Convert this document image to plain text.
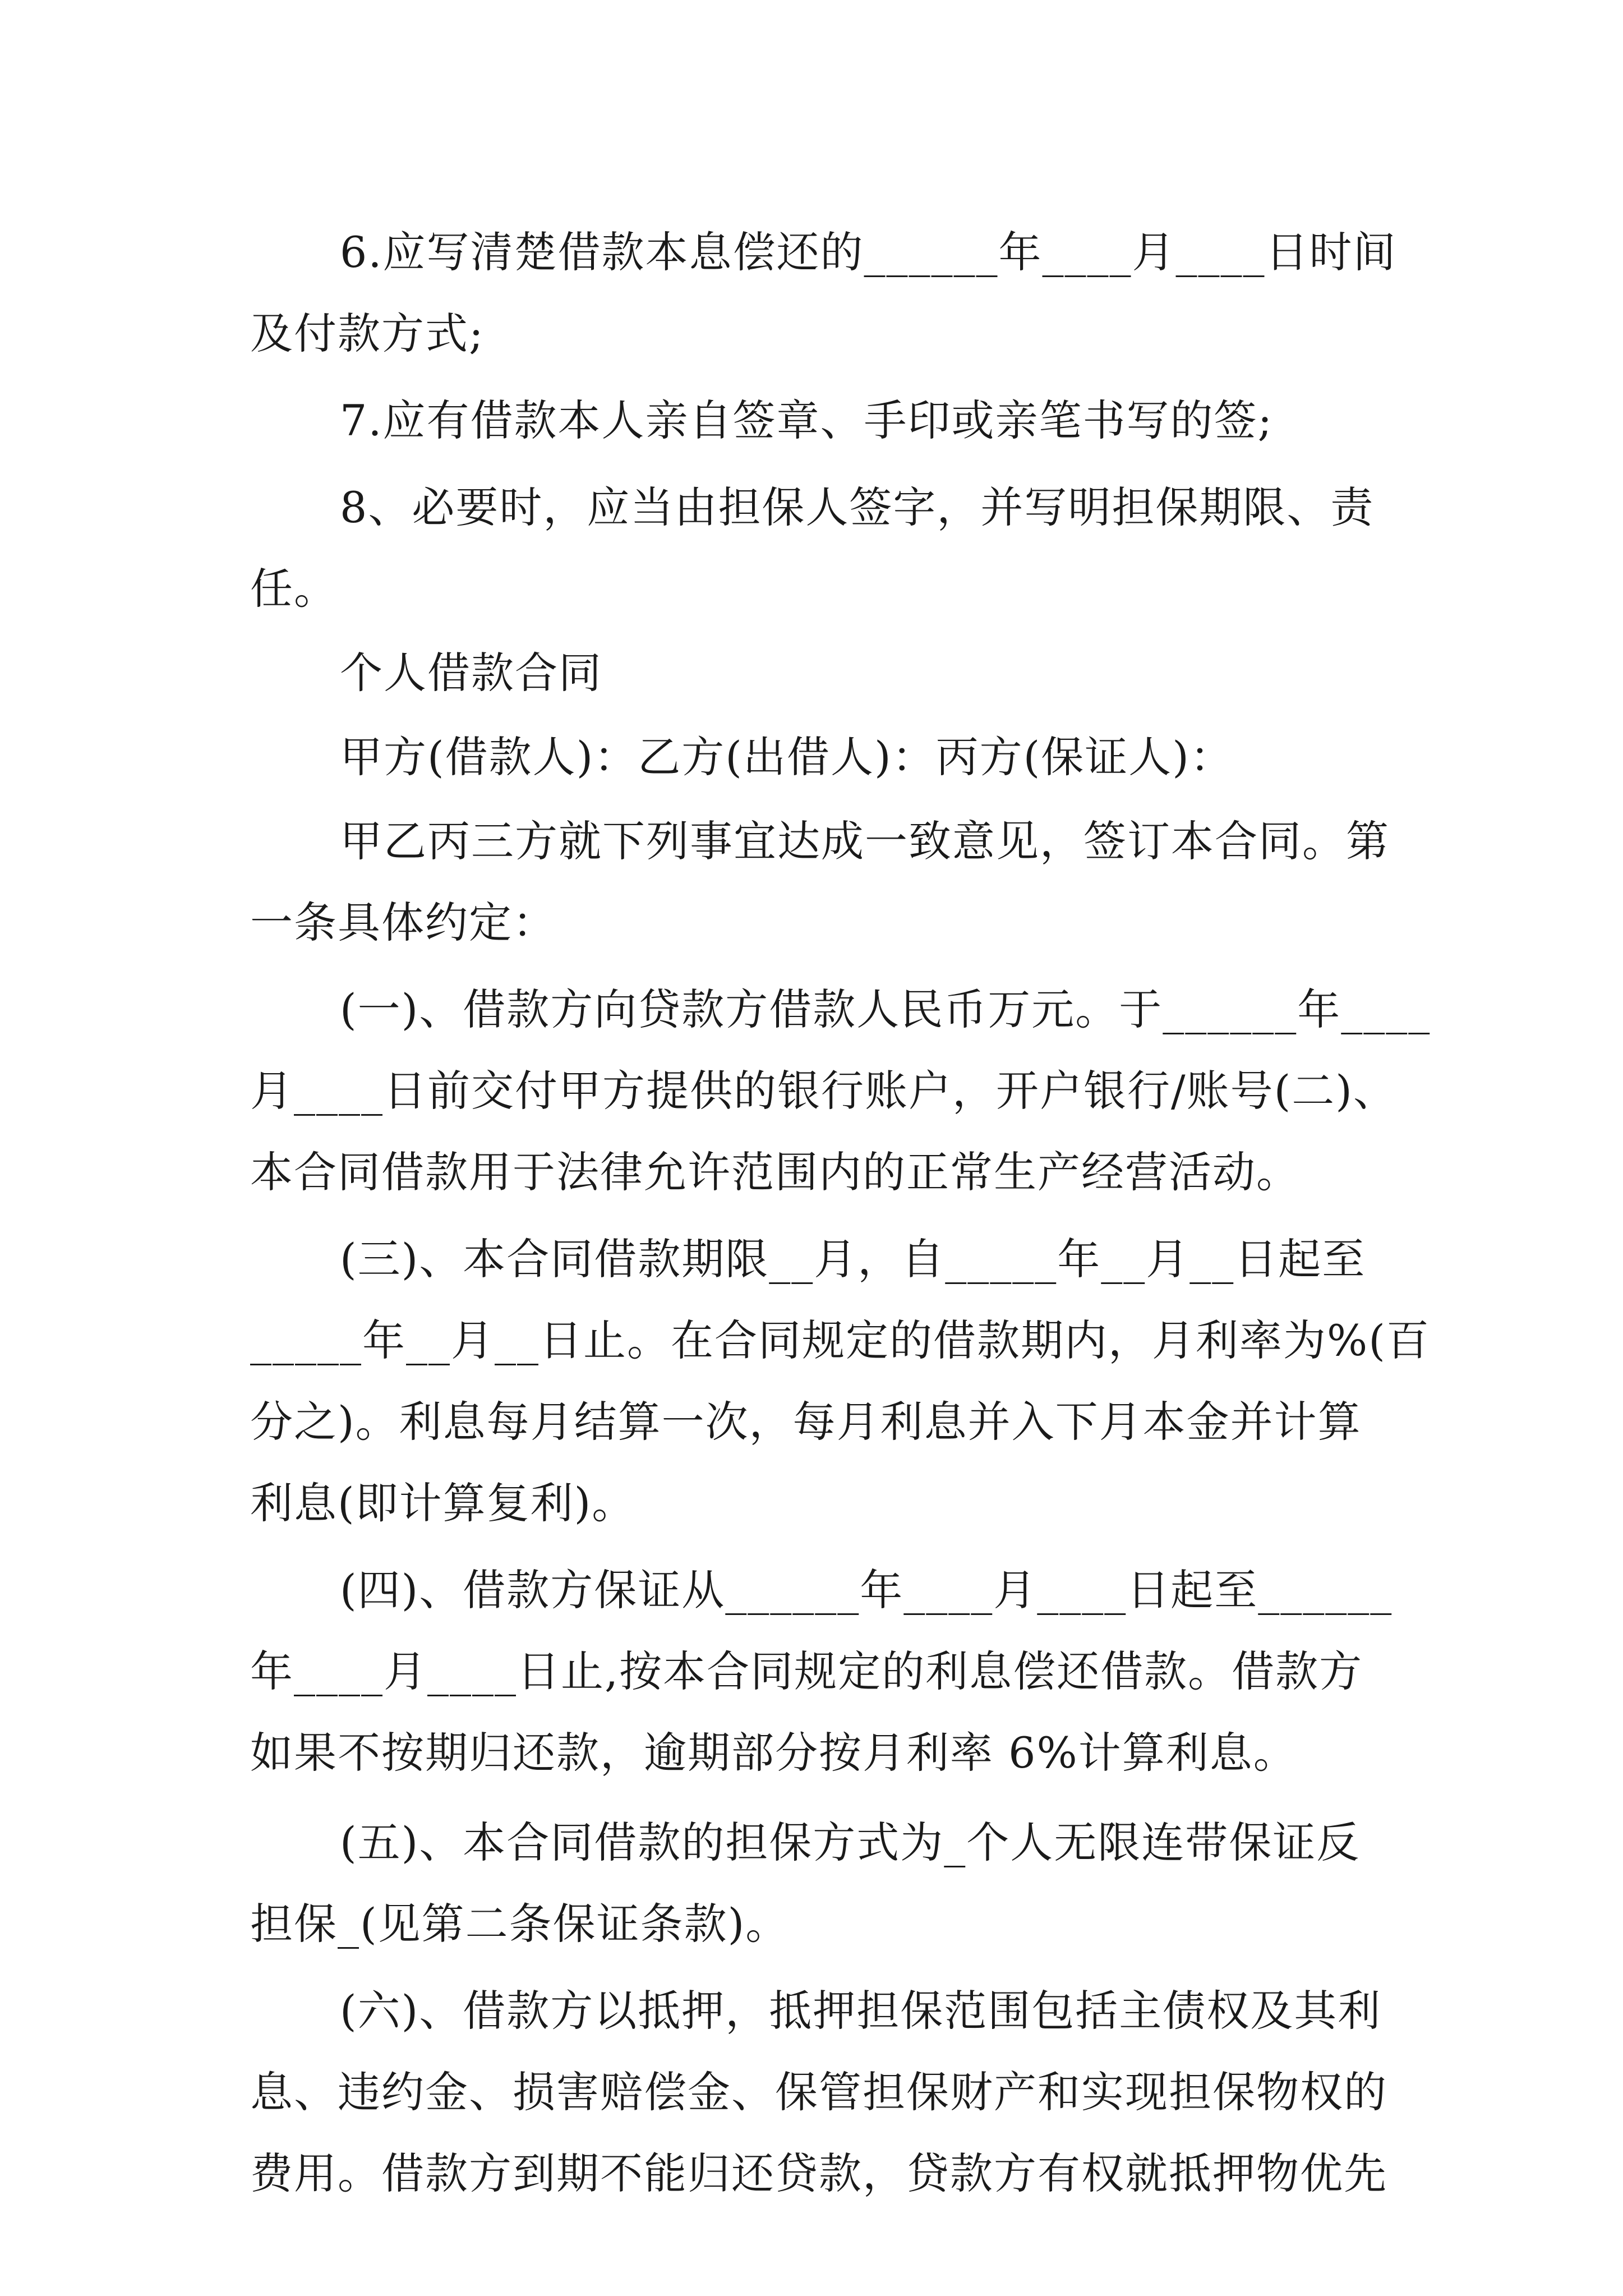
6.应写清楚借款本息偿还的______年____月____日时间
及付款方式;
7.应有借款本人亲自签章、手印或亲笔书写的签;
8、必要时，应当由担保人签字，并写明担保期限、责
任。
个人借款合同
甲方(借款人)：乙方(出借人)：丙方(保证人)：
甲乙丙三方就下列事宜达成一致意见，签订本合同。第
一条具体约定：
(一)、借款方向贷款方借款人民币万元。于______年____
月____日前交付甲方提供的银行账户，开户银行/账号(二)、
本合同借款用于法律允许范围内的正常生产经营活动。
(三)、本合同借款期限__月，自_____年__月__日起至
_____年__月__日止。在合同规定的借款期内，月利率为%(百
分之)。利息每月结算一次，每月利息并入下月本金并计算
利息(即计算复利)。
(四)、借款方保证从______年____月____日起至______
年____月____日止,按本合同规定的利息偿还借款。借款方
如果不按期归还款，逾期部分按月利率 6%计算利息。
(五)、本合同借款的担保方式为_个人无限连带保证反
担保_(见第二条保证条款)。
(六)、借款方以抵押，抵押担保范围包括主债权及其利
息、违约金、损害赔偿金、保管担保财产和实现担保物权的
费用。借款方到期不能归还贷款，贷款方有权就抵押物优先
